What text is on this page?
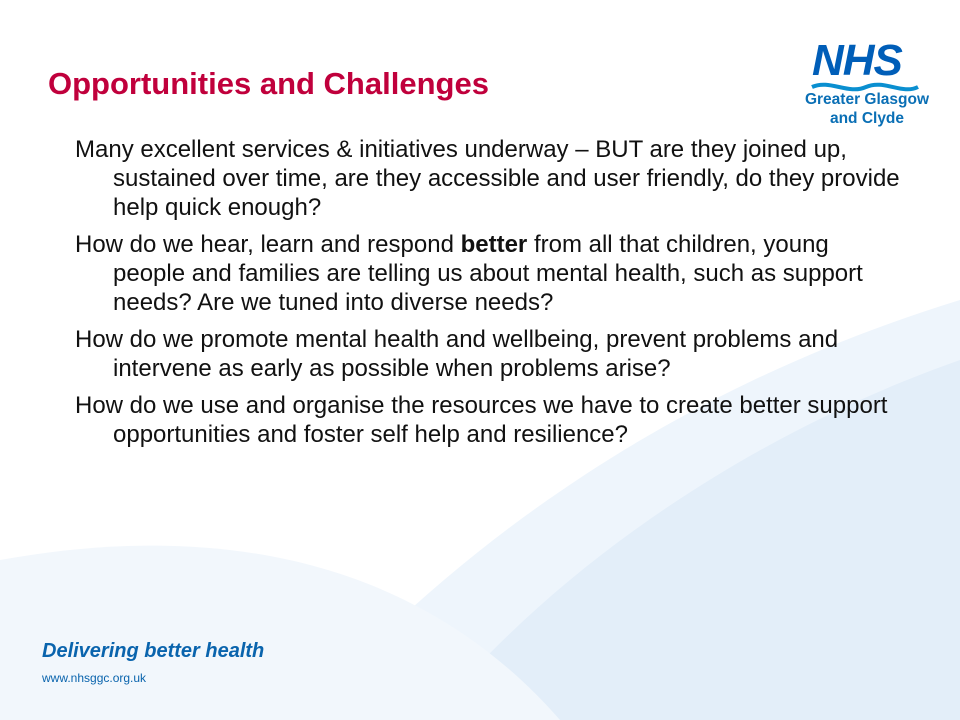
Opportunities and Challenges	NHS
Greater Glasgow
and Clyde

Many excellent services & initiatives underway – BUT are they joined up, sustained over time, are they accessible and user friendly, do they provide help quick enough?

How do we hear, learn and respond better from all that children, young people and families are telling us about mental health, such as support needs? Are we tuned into diverse needs?

How do we promote mental health and wellbeing, prevent problems and intervene as early as possible when problems arise?

How do we use and organise the resources we have to create better support opportunities and foster self help and resilience?

Delivering better health
www.nhsggc.org.uk
